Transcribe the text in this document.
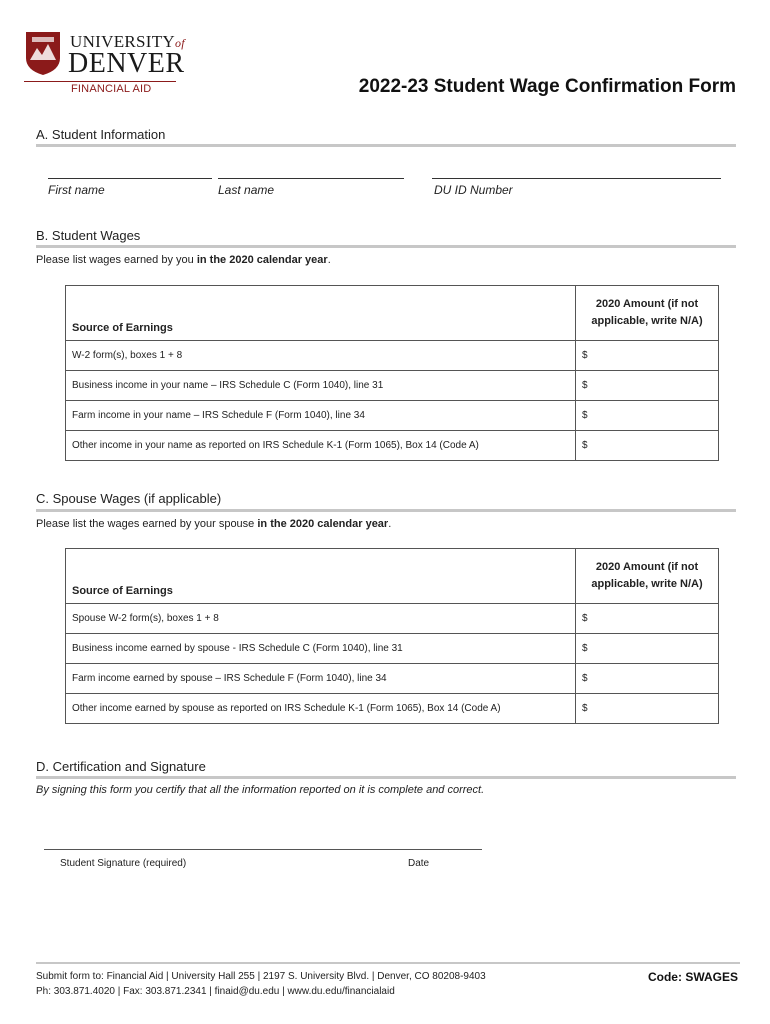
UNIVERSITYof
DENVER
FINANCIAL AID	2022-23 Student Wage Confirmation Form
A. Student Information
First name	Last name	DU ID Number
B. Student Wages
Please list wages earned by you in the 2020 calendar year.
Source of Earnings	2020 Amount (if not
applicable, write N/A)
W-2 form(s), boxes 1 + 8	$
Business income in your name – IRS Schedule C (Form 1040), line 31	$
Farm income in your name – IRS Schedule F (Form 1040), line 34	$
Other income in your name as reported on IRS Schedule K-1 (Form 1065), Box 14 (Code A)	$
C. Spouse Wages (if applicable)
Please list the wages earned by your spouse in the 2020 calendar year.
Source of Earnings	2020 Amount (if not
applicable, write N/A)
Spouse W-2 form(s), boxes 1 + 8	$
Business income earned by spouse - IRS Schedule C (Form 1040), line 31	$
Farm income earned by spouse – IRS Schedule F (Form 1040), line 34	$
Other income earned by spouse as reported on IRS Schedule K-1 (Form 1065), Box 14 (Code A)	$
D. Certification and Signature
By signing this form you certify that all the information reported on it is complete and correct.
Student Signature (required)	Date
Submit form to: Financial Aid | University Hall 255 | 2197 S. University Blvd. | Denver, CO 80208-9403
Ph: 303.871.4020 | Fax: 303.871.2341 | finaid@du.edu | www.du.edu/financialaid
Code: SWAGES
